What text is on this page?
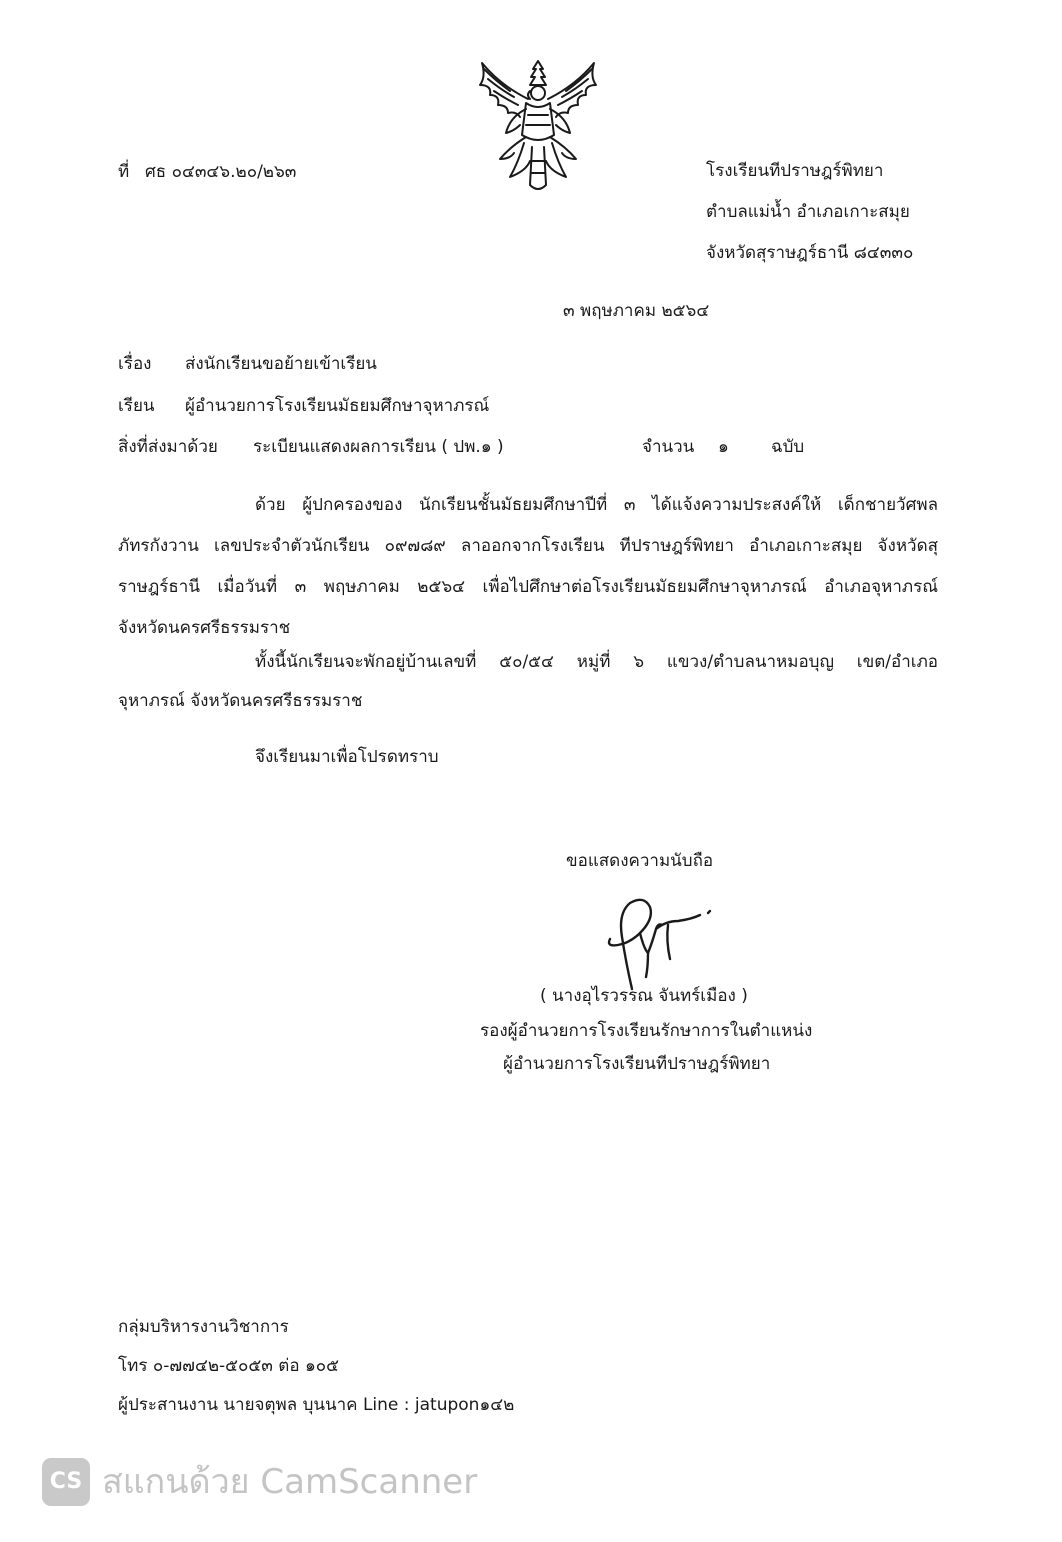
ที่ ศธ ๐๔๓๔๖.๒๐/๒๖๓	โรงเรียนทีปราษฎร์พิทยา
ตำบลแม่น้ำ อำเภอเกาะสมุย
จังหวัดสุราษฎร์ธานี ๘๔๓๓๐
๓ พฤษภาคม ๒๕๖๔
เรื่อง ส่งนักเรียนขอย้ายเข้าเรียน
เรียน ผู้อำนวยการโรงเรียนมัธยมศึกษาจุหาภรณ์
สิ่งที่ส่งมาด้วย ระเบียนแสดงผลการเรียน ( ปพ.๑ )	จำนวน ๑ ฉบับ
ด้วย ผู้ปกครองของ นักเรียนชั้นมัธยมศึกษาปีที่ ๓ ได้แจ้งความประสงค์ให้ เด็กชายวัศพล
ภัทรกังวาน เลขประจำตัวนักเรียน ๐๙๗๘๙ ลาออกจากโรงเรียน ทีปราษฎร์พิทยา อำเภอเกาะสมุย จังหวัดสุ
ราษฎร์ธานี เมื่อวันที่ ๓ พฤษภาคม ๒๕๖๔ เพื่อไปศึกษาต่อโรงเรียนมัธยมศึกษาจุหาภรณ์ อำเภอจุหาภรณ์
จังหวัดนครศรีธรรมราช
ทั้งนี้นักเรียนจะพักอยู่บ้านเลขที่ ๕๐/๕๔ หมู่ที่ ๖ แขวง/ตำบลนาหมอบุญ เขต/อำเภอ
จุหาภรณ์ จังหวัดนครศรีธรรมราช
จึงเรียนมาเพื่อโปรดทราบ
ขอแสดงความนับถือ
( นางอุไรวรรณ จันทร์เมือง )
รองผู้อำนวยการโรงเรียนรักษาการในตำแหน่ง
ผู้อำนวยการโรงเรียนทีปราษฎร์พิทยา
กลุ่มบริหารงานวิชาการ
โทร ๐-๗๗๔๒-๕๐๕๓ ต่อ ๑๐๕
ผู้ประสานงาน นายจตุพล บุนนาค Line : jatupon๑๔๒
CS สแกนด้วย CamScanner
